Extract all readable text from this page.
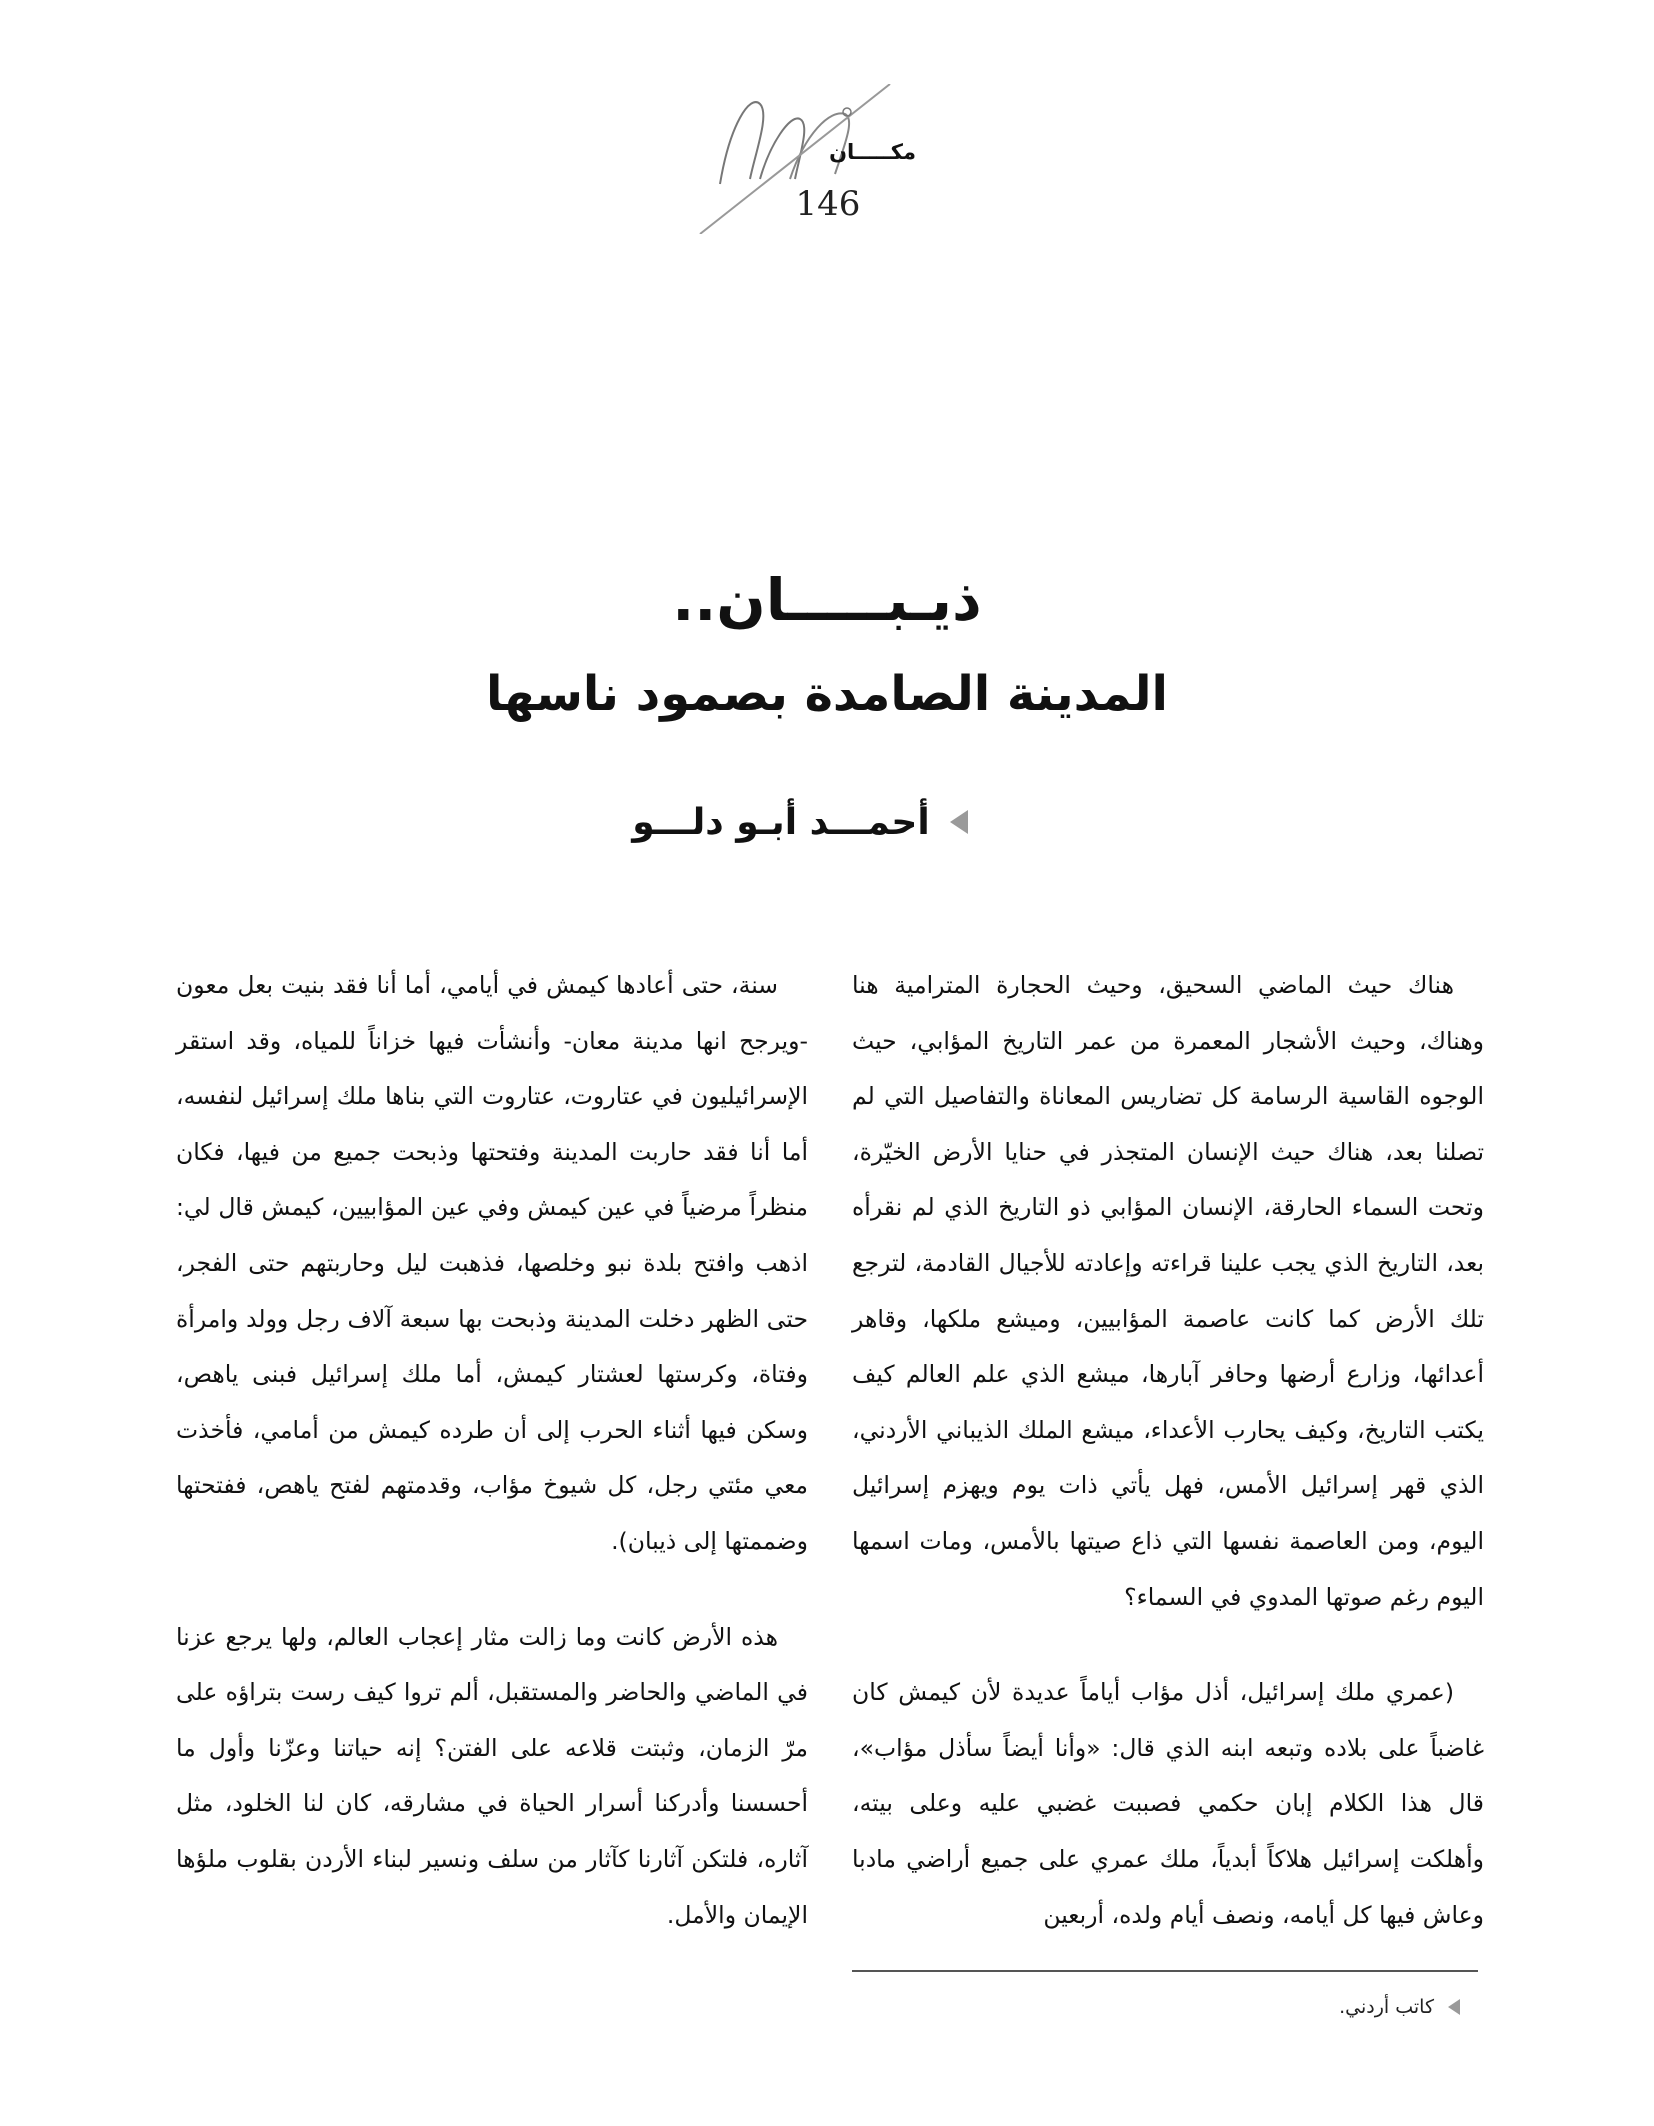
مكـــــان
146
ذيـبـــــان..
المدينة الصامدة بصمود ناسها
أحمـــد أبـو دلـــو

هناك حيث الماضي السحيق، وحيث الحجارة المترامية هنا وهناك، وحيث الأشجار المعمرة من عمر التاريخ المؤابي، حيث الوجوه القاسية الرسامة كل تضاريس المعاناة والتفاصيل التي لم تصلنا بعد، هناك حيث الإنسان المتجذر في حنايا الأرض الخيّرة، وتحت السماء الحارقة، الإنسان المؤابي ذو التاريخ الذي لم نقرأه بعد، التاريخ الذي يجب علينا قراءته وإعادته للأجيال القادمة، لترجع تلك الأرض كما كانت عاصمة المؤابيين، وميشع ملكها، وقاهر أعدائها، وزارع أرضها وحافر آبارها، ميشع الذي علم العالم كيف يكتب التاريخ، وكيف يحارب الأعداء، ميشع الملك الذيباني الأردني، الذي قهر إسرائيل الأمس، فهل يأتي ذات يوم ويهزم إسرائيل اليوم، ومن العاصمة نفسها التي ذاع صيتها بالأمس، ومات اسمها اليوم رغم صوتها المدوي في السماء؟

(عمري ملك إسرائيل، أذل مؤاب أياماً عديدة لأن كيمش كان غاضباً على بلاده وتبعه ابنه الذي قال: «وأنا أيضاً سأذل مؤاب»، قال هذا الكلام إبان حكمي فصببت غضبي عليه وعلى بيته، وأهلكت إسرائيل هلاكاً أبدياً، ملك عمري على جميع أراضي مادبا وعاش فيها كل أيامه، ونصف أيام ولده، أربعين

سنة، حتى أعادها كيمش في أيامي، أما أنا فقد بنيت بعل معون -ويرجح انها مدينة معان- وأنشأت فيها خزاناً للمياه، وقد استقر الإسرائيليون في عتاروت، عتاروت التي بناها ملك إسرائيل لنفسه، أما أنا فقد حاربت المدينة وفتحتها وذبحت جميع من فيها، فكان منظراً مرضياً في عين كيمش وفي عين المؤابيين، كيمش قال لي: اذهب وافتح بلدة نبو وخلصها، فذهبت ليل وحاربتهم حتى الفجر، حتى الظهر دخلت المدينة وذبحت بها سبعة آلاف رجل وولد وامرأة وفتاة، وكرستها لعشتار كيمش، أما ملك إسرائيل فبنى ياهص، وسكن فيها أثناء الحرب إلى أن طرده كيمش من أمامي، فأخذت معي مئتي رجل، كل شيوخ مؤاب، وقدمتهم لفتح ياهص، ففتحتها وضممتها إلى ذيبان).

هذه الأرض كانت وما زالت مثار إعجاب العالم، ولها يرجع عزنا في الماضي والحاضر والمستقبل، ألم تروا كيف رست بتراؤه على مرّ الزمان، وثبتت قلاعه على الفتن؟ إنه حياتنا وعزّنا وأول ما أحسسنا وأدركنا أسرار الحياة في مشارقه، كان لنا الخلود، مثل آثاره، فلتكن آثارنا كآثار من سلف ونسير لبناء الأردن بقلوب ملؤها الإيمان والأمل.

كاتب أردني.
